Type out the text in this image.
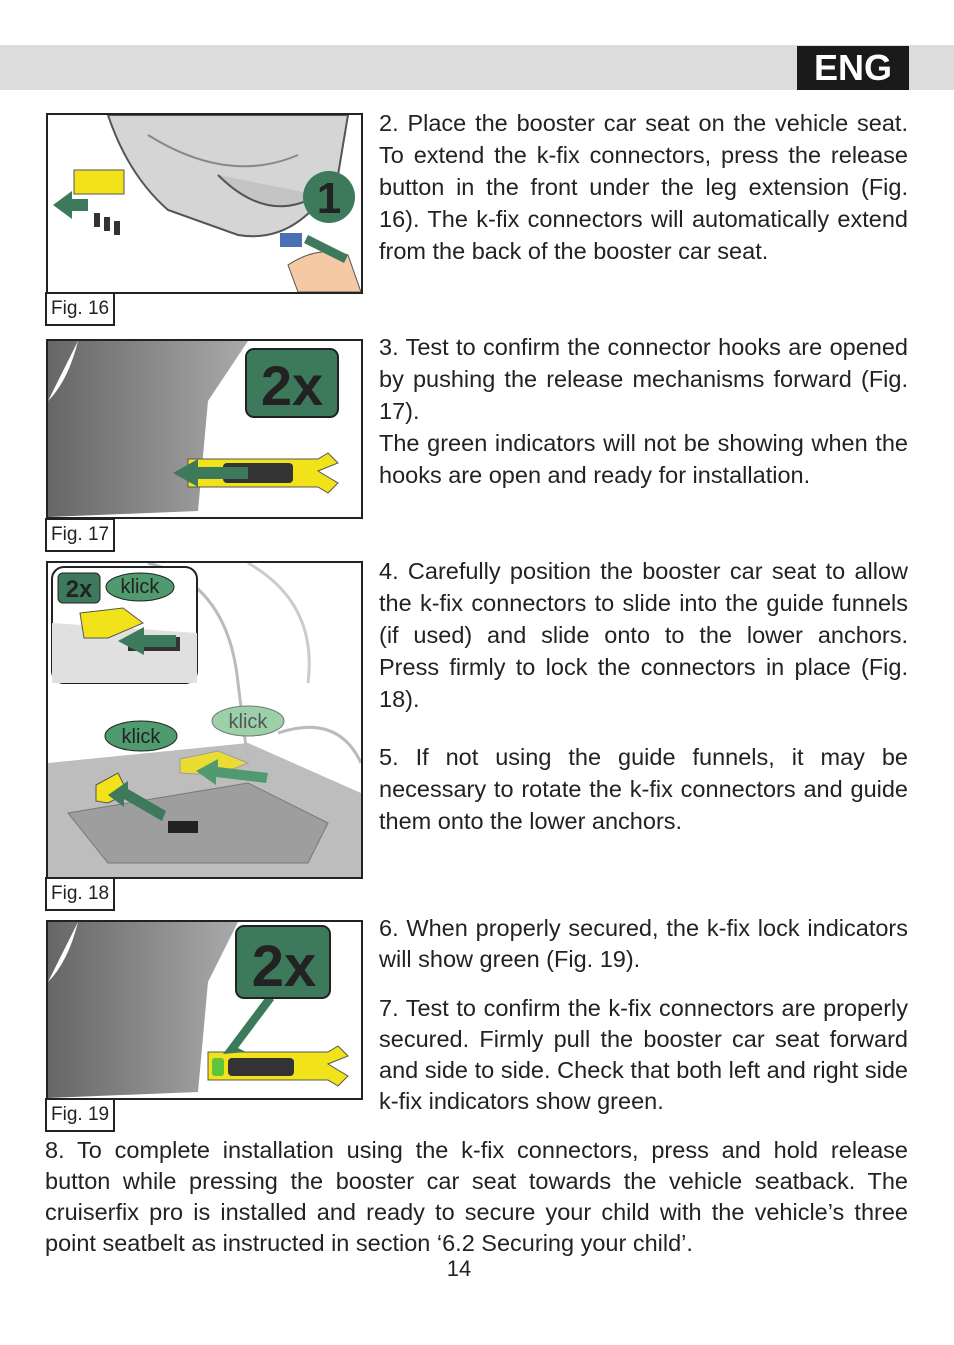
ENG
1
Fig. 16
2x
Fig. 17
2x klick
klick
klick
Fig. 18
2x
Fig. 19

2. Place the booster car seat on the vehicle seat. To extend the k-fix connectors, press the release button in the front under the leg extension (Fig. 16). The k-fix connectors will automatically extend from the back of the booster car seat.

3. Test to confirm the connector hooks are opened by pushing the release mechanisms forward (Fig. 17).

The green indicators will not be showing when the hooks are open and ready for installation.

4. Carefully position the booster car seat to allow the k-fix connectors to slide into the guide funnels (if used) and slide onto to the lower anchors. Press firmly to lock the connectors in place (Fig. 18).

5. If not using the guide funnels, it may be necessary to rotate the k-fix connectors and guide them onto the lower anchors.

6. When properly secured, the k-fix lock indicators will show green (Fig. 19).

7. Test to confirm the k-fix connectors are properly secured. Firmly pull the booster car seat forward and side to side. Check that both left and right side k-fix indicators show green.

8. To complete installation using the k-fix connectors, press and hold release button while pressing the booster car seat towards the vehicle seatback. The cruiserfix pro is installed and ready to secure your child with the vehicle’s three point seatbelt as instructed in section ‘6.2 Securing your child’.

14
